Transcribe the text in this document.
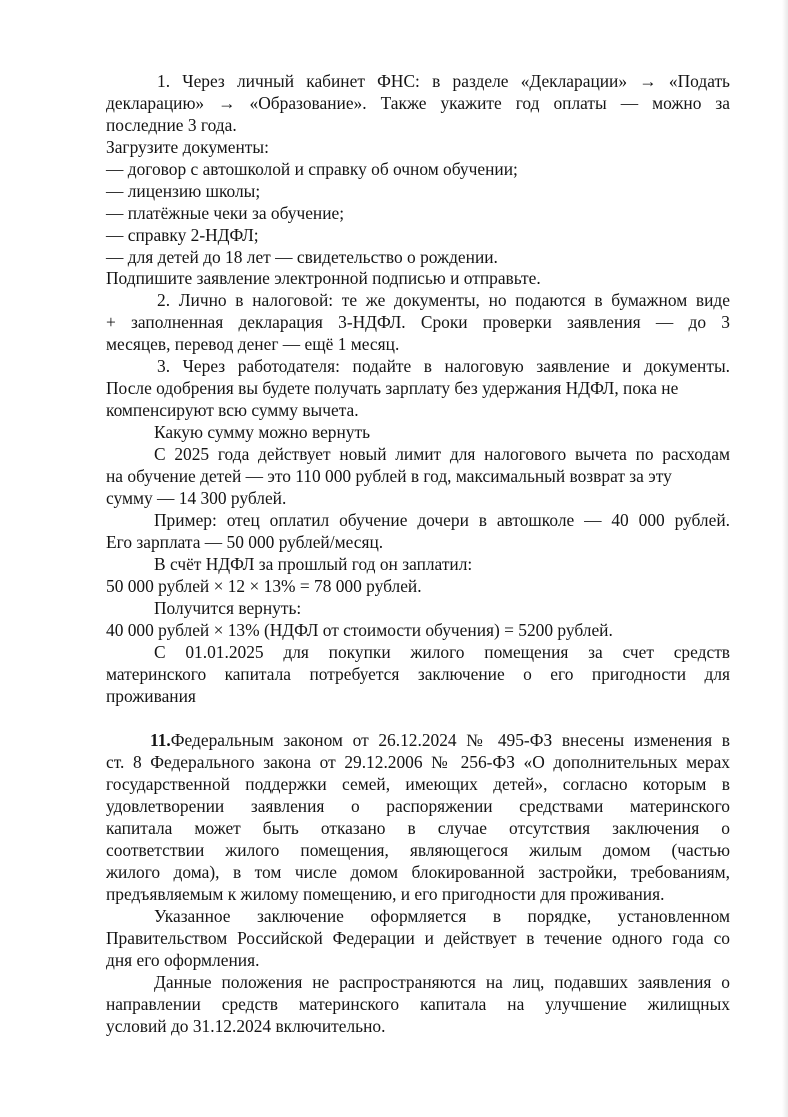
1. Через личный кабинет ФНС: в разделе «Декларации» → «Подать
декларацию» → «Образование». Также укажите год оплаты — можно за
последние 3 года.
Загрузите документы:
— договор с автошколой и справку об очном обучении;
— лицензию школы;
— платёжные чеки за обучение;
— справку 2-НДФЛ;
— для детей до 18 лет — свидетельство о рождении.
Подпишите заявление электронной подписью и отправьте.
2. Лично в налоговой: те же документы, но подаются в бумажном виде
+ заполненная декларация 3-НДФЛ. Сроки проверки заявления — до 3
месяцев, перевод денег — ещё 1 месяц.
3. Через работодателя: подайте в налоговую заявление и документы.
После одобрения вы будете получать зарплату без удержания НДФЛ, пока не
компенсируют всю сумму вычета.
Какую сумму можно вернуть
С 2025 года действует новый лимит для налогового вычета по расходам
на обучение детей — это 110 000 рублей в год, максимальный возврат за эту
сумму — 14 300 рублей.
Пример: отец оплатил обучение дочери в автошколе — 40 000 рублей.
Его зарплата — 50 000 рублей/месяц.
В счёт НДФЛ за прошлый год он заплатил:
50 000 рублей × 12 × 13% = 78 000 рублей.
Получится вернуть:
40 000 рублей × 13% (НДФЛ от стоимости обучения) = 5200 рублей.
С 01.01.2025 для покупки жилого помещения за счет средств
материнского капитала потребуется заключение о его пригодности для
проживания
11.Федеральным законом от 26.12.2024 № 495-ФЗ внесены изменения в
ст. 8 Федерального закона от 29.12.2006 № 256-ФЗ «О дополнительных мерах
государственной поддержки семей, имеющих детей», согласно которым в
удовлетворении заявления о распоряжении средствами материнского
капитала может быть отказано в случае отсутствия заключения о
соответствии жилого помещения, являющегося жилым домом (частью
жилого дома), в том числе домом блокированной застройки, требованиям,
предъявляемым к жилому помещению, и его пригодности для проживания.
Указанное заключение оформляется в порядке, установленном
Правительством Российской Федерации и действует в течение одного года со
дня его оформления.
Данные положения не распространяются на лиц, подавших заявления о
направлении средств материнского капитала на улучшение жилищных
условий до 31.12.2024 включительно.
